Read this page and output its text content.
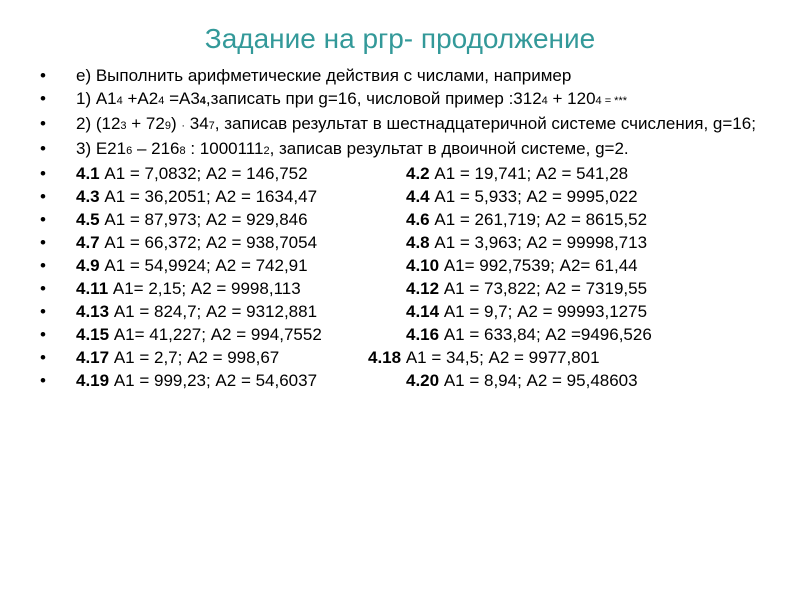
Задание на ргр- продолжение
• е) Выполнить арифметические действия с числами, например
• 1) А14 +А24 =А34,записать при g=16, числовой пример :3124 + 1204 = ***
• 2) (123 + 729) · 347, записав результат в шестнадцатеричной системе счисления, g=16;
• 3) Е216 – 2168 : 10001112, записав результат в двоичной системе, g=2.
• 4.1 А1 = 7,0832; А2 = 146,752	4.2 А1 = 19,741; А2 = 541,28
• 4.3 А1 = 36,2051; А2 = 1634,47	4.4 А1 = 5,933; А2 = 9995,022
• 4.5 А1 = 87,973; А2 = 929,846	4.6 А1 = 261,719; А2 = 8615,52
• 4.7 А1 = 66,372; А2 = 938,7054	4.8 А1 = 3,963; А2 = 99998,713
• 4.9 А1 = 54,9924; А2 = 742,91	4.10 А1= 992,7539; А2= 61,44
• 4.11 А1= 2,15; А2 = 9998,113	4.12 А1 = 73,822; А2 = 7319,55
• 4.13 А1 = 824,7; А2 = 9312,881	4.14 А1 = 9,7; А2 = 99993,1275
• 4.15 А1= 41,227; А2 = 994,7552	4.16 А1 = 633,84; А2 =9496,526
• 4.17 А1 = 2,7; А2 = 998,67	4.18 А1 = 34,5; А2 = 9977,801
• 4.19 А1 = 999,23; А2 = 54,6037	4.20 А1 = 8,94; А2 = 95,48603
